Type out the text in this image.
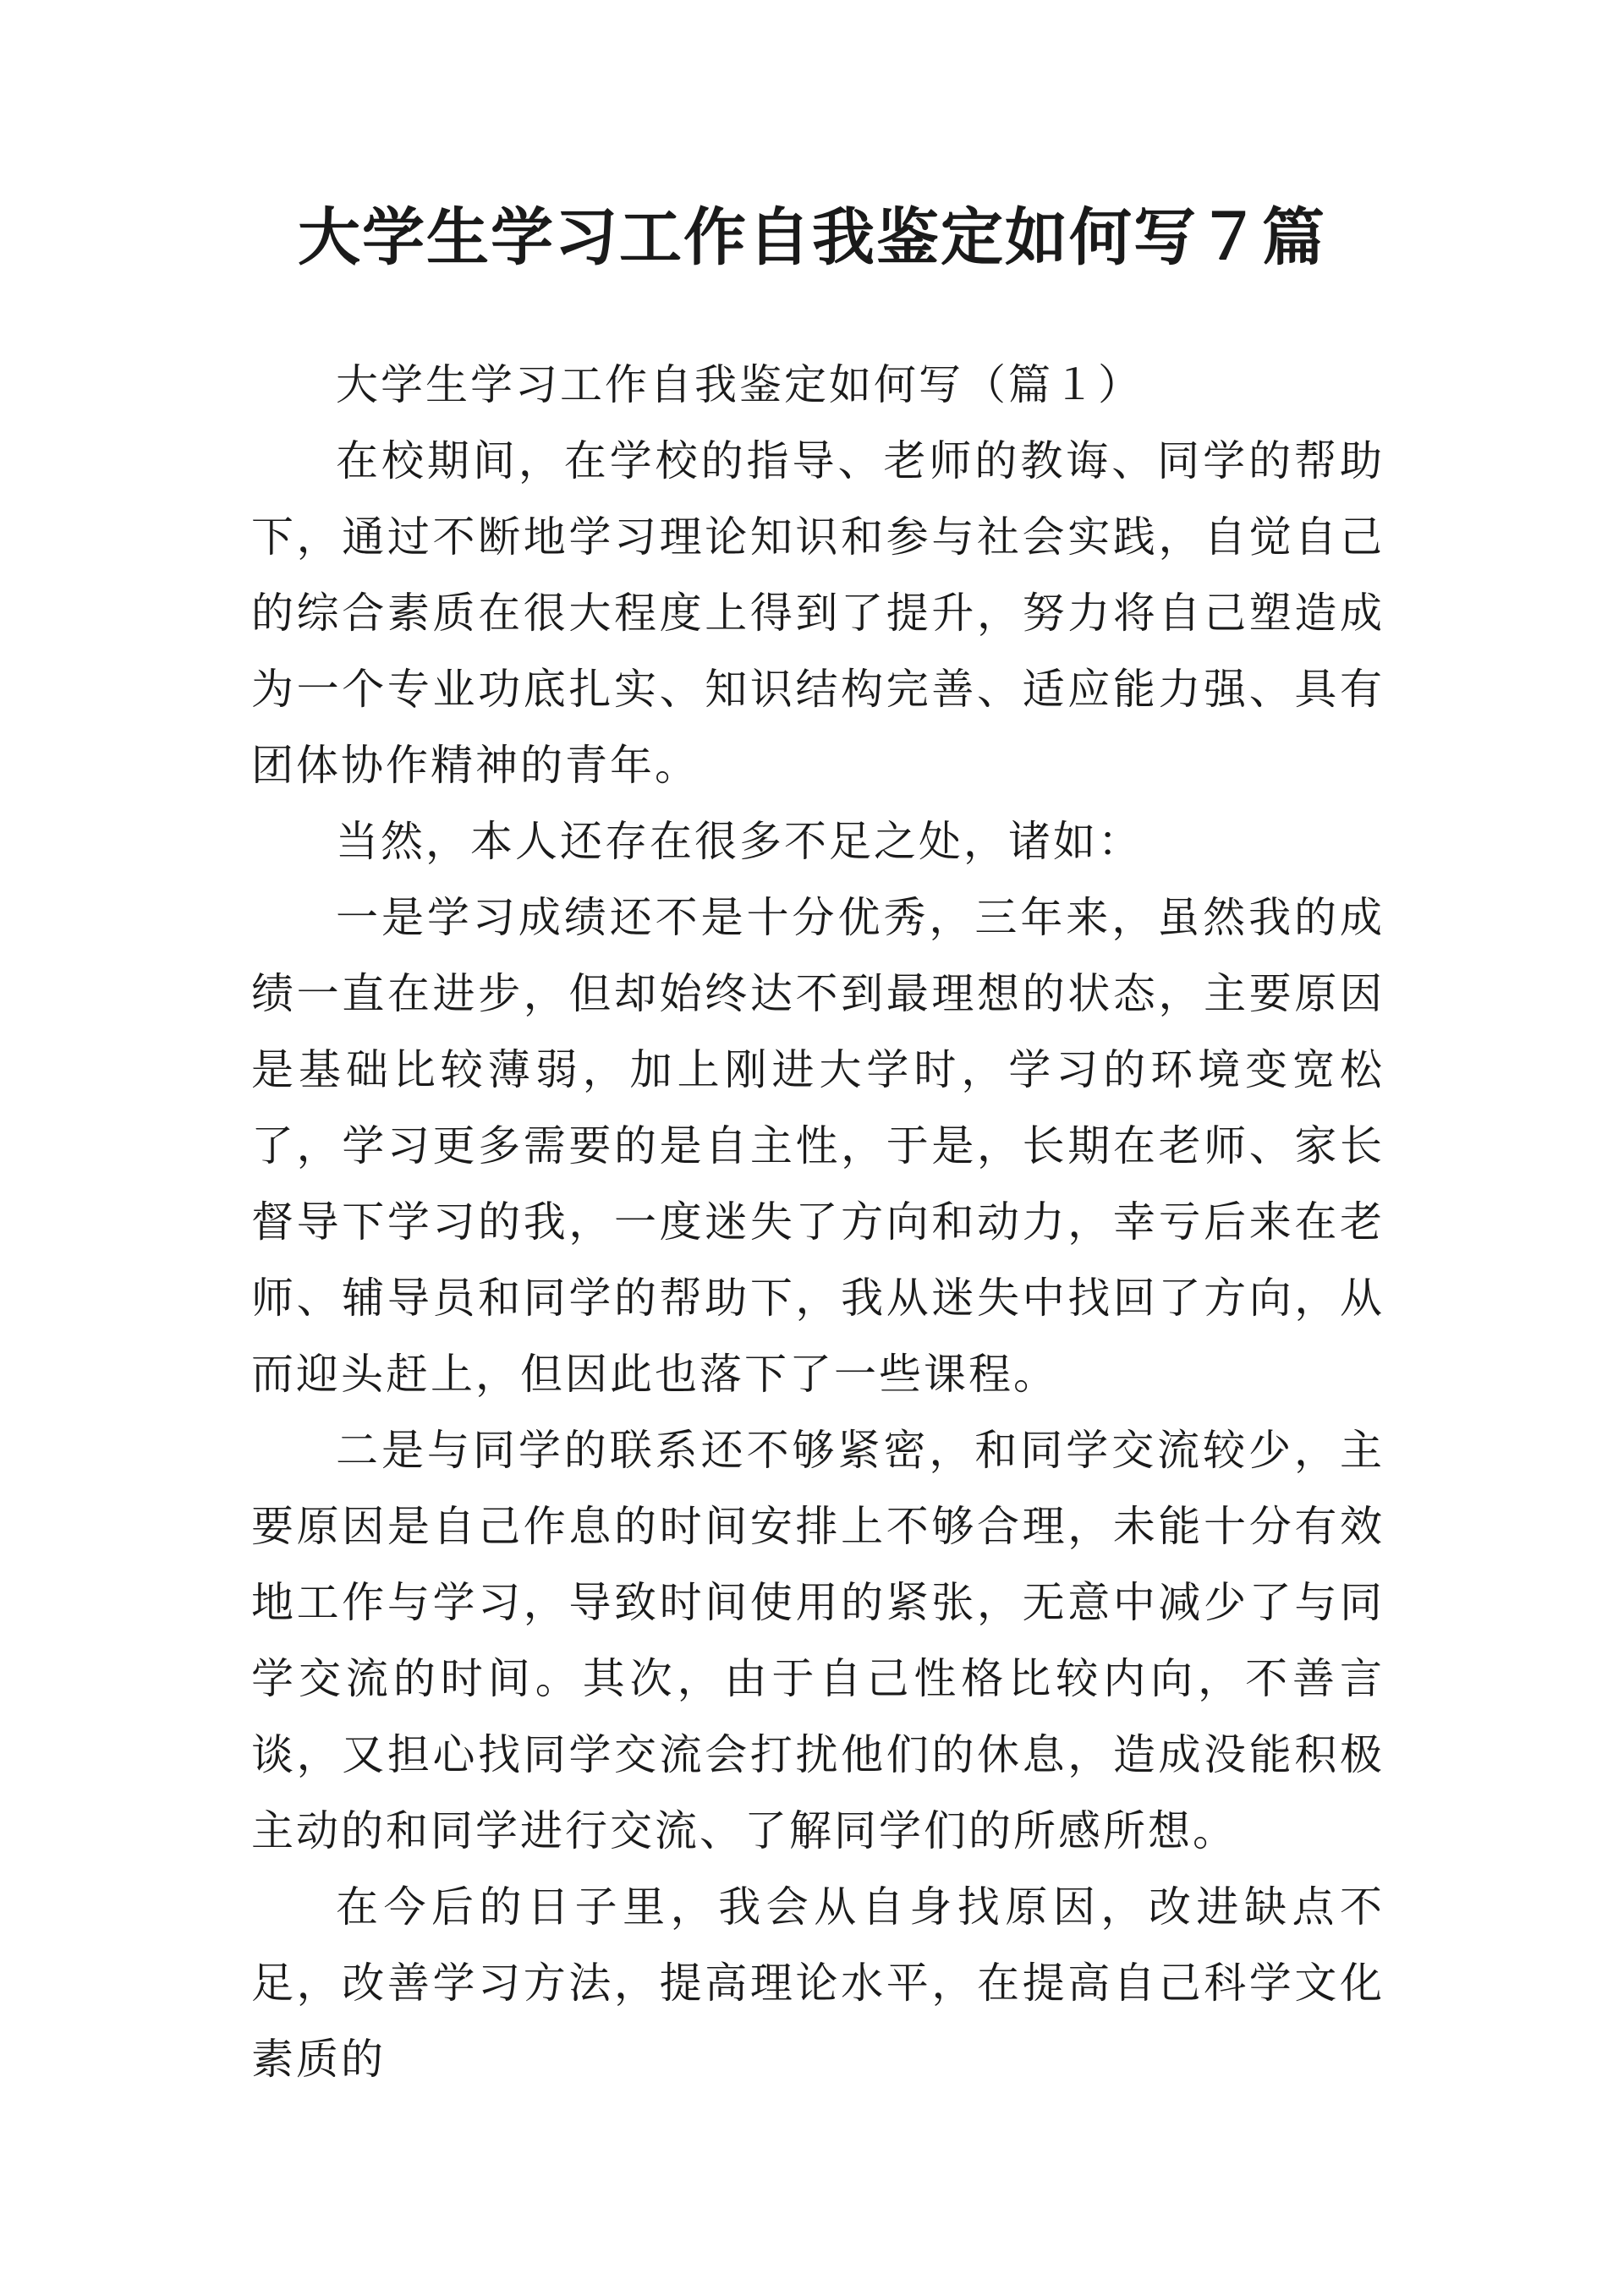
大学生学习工作自我鉴定如何写７篇

大学生学习工作自我鉴定如何写（篇１）

在校期间，在学校的指导、老师的教诲、同学的帮助下，通过不断地学习理论知识和参与社会实践，自觉自己的综合素质在很大程度上得到了提升，努力将自己塑造成为一个专业功底扎实、知识结构完善、适应能力强、具有团体协作精神的青年。

当然，本人还存在很多不足之处，诸如：

一是学习成绩还不是十分优秀，三年来，虽然我的成绩一直在进步，但却始终达不到最理想的状态，主要原因是基础比较薄弱，加上刚进大学时，学习的环境变宽松了，学习更多需要的是自主性，于是，长期在老师、家长督导下学习的我，一度迷失了方向和动力，幸亏后来在老师、辅导员和同学的帮助下，我从迷失中找回了方向，从而迎头赶上，但因此也落下了一些课程。

二是与同学的联系还不够紧密，和同学交流较少，主要原因是自己作息的时间安排上不够合理，未能十分有效地工作与学习，导致时间使用的紧张，无意中减少了与同学交流的时间。其次，由于自己性格比较内向，不善言谈，又担心找同学交流会打扰他们的休息，造成没能积极主动的和同学进行交流、了解同学们的所感所想。

在今后的日子里，我会从自身找原因，改进缺点不足，改善学习方法，提高理论水平，在提高自己科学文化素质的
